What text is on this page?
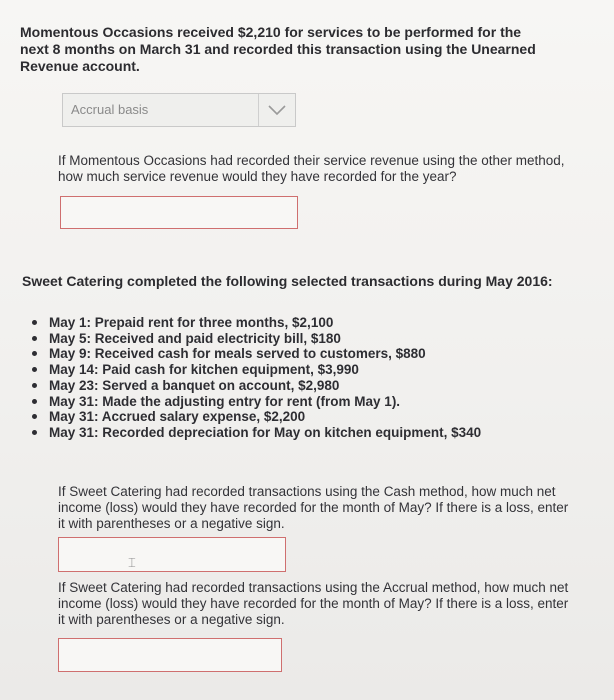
Momentous Occasions received $2,210 for services to be performed for the next 8 months on March 31 and recorded this transaction using the Unearned Revenue account.
Accrual basis
If Momentous Occasions had recorded their service revenue using the other method, how much service revenue would they have recorded for the year?
Sweet Catering completed the following selected transactions during May 2016:
May 1: Prepaid rent for three months, $2,100
May 5: Received and paid electricity bill, $180
May 9: Received cash for meals served to customers, $880
May 14: Paid cash for kitchen equipment, $3,990
May 23: Served a banquet on account, $2,980
May 31: Made the adjusting entry for rent (from May 1).
May 31: Accrued salary expense, $2,200
May 31: Recorded depreciation for May on kitchen equipment, $340
If Sweet Catering had recorded transactions using the Cash method, how much net income (loss) would they have recorded for the month of May? If there is a loss, enter it with parentheses or a negative sign.
⌶
If Sweet Catering had recorded transactions using the Accrual method, how much net income (loss) would they have recorded for the month of May? If there is a loss, enter it with parentheses or a negative sign.
